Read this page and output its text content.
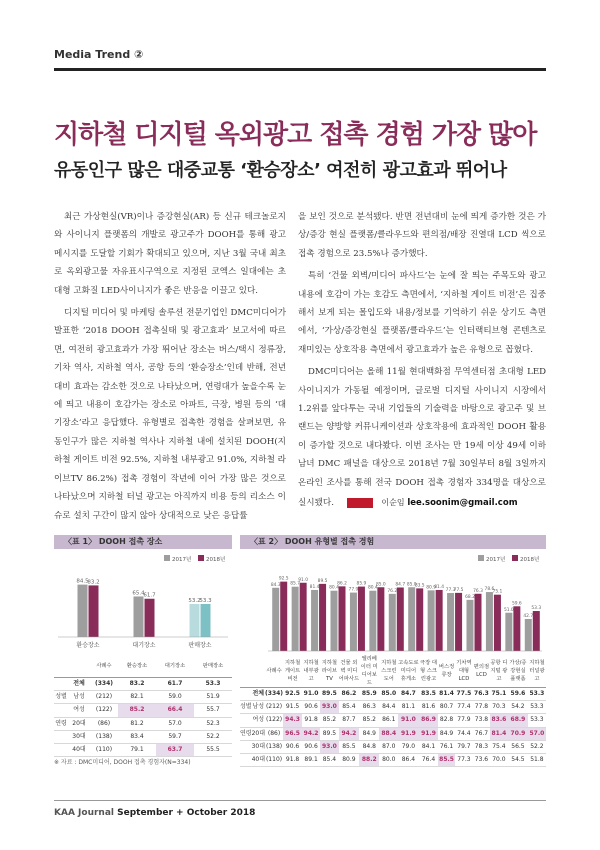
Media Trend ②
지하철 디지털 옥외광고 접촉 경험 가장 많아
유동인구 많은 대중교통 ‘환승장소’ 여전히 광고효과 뛰어나

최근 가상현실(VR)이나 증강현실(AR) 등 신규 테크놀로지와 사이니지 플랫폼의 개발로 광고주가 DOOH를 통해 광고 메시지를 도달할 기회가 확대되고 있으며, 지난 3월 국내 최초로 옥외광고물 자유표시구역으로 지정된 코엑스 일대에는 초대형 고화질 LED사이니지가 좋은 반응을 이끌고 있다.

디지털 미디어 및 마케팅 솔루션 전문기업인 DMC미디어가 발표한 ‘2018 DOOH 접촉실태 및 광고효과’ 보고서에 따르면, 여전히 광고효과가 가장 뛰어난 장소는 버스/택시 정류장, 기차 역사, 지하철 역사, 공항 등의 ‘환승장소’인데 반해, 전년대비 효과는 감소한 것으로 나타났으며, 연령대가 높을수록 눈에 띄고 내용이 호감가는 장소로 아파트, 극장, 병원 등의 ‘대기장소’라고 응답했다. 유형별로 접촉한 경험을 살펴보면, 유동인구가 많은 지하철 역사나 지하철 내에 설치된 DOOH(지하철 게이트 비전 92.5%, 지하철 내부광고 91.0%, 지하철 라이브TV 86.2%) 접촉 경험이 작년에 이어 가장 많은 것으로 나타났으며 지하철 터널 광고는 아직까지 비용 등의 리소스 이슈로 설치 구간이 많지 않아 상대적으로 낮은 응답률

을 보인 것으로 분석됐다. 반면 전년대비 눈에 띄게 증가한 것은 가상/증강 현실 플랫폼/클라우드와 편의점/배장 진열대 LCD 씩으로 접촉 경험으로 23.5%나 증가했다.

특히 ‘건물 외벽/미디어 파사드’는 눈에 잘 띄는 주목도와 광고 내용에 호감이 가는 호감도 측면에서, ‘지하철 게이트 비전’은 집중해서 보게 되는 몰입도와 내용/정보를 기억하기 쉬운 상기도 측면에서, ‘가상/증강현실 플랫폼/클라우드’는 인터랙티브형 콘텐츠로 재미있는 상호작용 측면에서 광고효과가 높은 유형으로 꼽혔다.

DMC미디어는 올해 11월 현대백화점 무역센터점 초대형 LED 사이니지가 가동될 예정이며, 글로벌 디지털 사이니지 시장에서 1.2위를 앞다투는 국내 기업들의 기술력을 바탕으로 광고주 및 브랜드는 양방향 커뮤니케이션과 상호작용에 효과적인 DOOH 활용이 증가할 것으로 내다봤다. 이번 조사는 만 19세 이상 49세 이하 남녀 DMC 패널을 대상으로 2018년 7월 30일부터 8월 3일까지 온라인 조사를 통해 전국 DOOH 접촉 경험자 334명을 대상으로 실시됐다.	이순임 lee.soonim@gmail.com

〈표 1〉 DOOH 접촉 장소	〈표 2〉 DOOH 유형별 접촉 경험
2017년	2018년
84.5
83.2
환승장소
65.4
61.7
대기장소
53.2
53.3
판매장소
2017년	2018년
84.3
92.5
85.7
91.0
81.4
89.5
80.4
86.2
77.9
85.9
80.4
85.0
76.2
84.7 85.0
83.5 80.9
81.4
77.3
77.5
68.2
76.3 78.6
75.1
51.0
59.6
42.7
53.3
		사례수	환승장소	대기장소	판매장소
	전체	(334)	83.2	61.7	53.3
성별	남성	(212)	82.1	59.0	51.9
	여성	(122)	85.2	66.4	55.7
연령	20대	(86)	81.2	57.0	52.3
	30대	(138)	83.4	59.7	52.2
	40대	(110)	79.1	63.7	55.5
		사례수	지하철 게이트 비전	지하철 내부광고	지하철 라이브 TV	건물 외벽 미디어파사드	엘리베이터 미디어보드	지하철 스크린도어	고속도로 미디어 휴게소	극장 대형 스크린광고	버스정류장	기차역 대형 LCD	편의점 LCD	공항 디지털 광고	가상/증강현실 플랫폼	지하철 터널광고
	전체	(334)	92.5	91.0	89.5	86.2	85.9	85.0	84.7	83.5	81.4	77.5	76.3	75.1	59.6	53.3
성별	남성	(212)	91.5	90.6	93.0	85.4	86.3	84.4	81.1	81.6	80.7	77.4	77.8	70.3	54.2	53.3
	여성	(122)	94.3	91.8	85.2	87.7	85.2	86.1	91.0	86.9	82.8	77.9	73.8	83.6	68.9	53.3
연령	20대	(86)	96.5	94.2	89.5	94.2	84.9	88.4	91.9	91.9	84.9	74.4	76.7	81.4	70.9	57.0
	30대	(138)	90.6	90.6	93.0	85.5	84.8	87.0	79.0	84.1	76.1	79.7	78.3	75.4	56.5	52.2
	40대	(110)	91.8	89.1	85.4	80.9	88.2	80.0	86.4	76.4	85.5	77.3	73.6	70.0	54.5	51.8
※ 자료 : DMC미디어, DOOH 접촉 경험자(N=334)
KAA Journal September + October 2018
